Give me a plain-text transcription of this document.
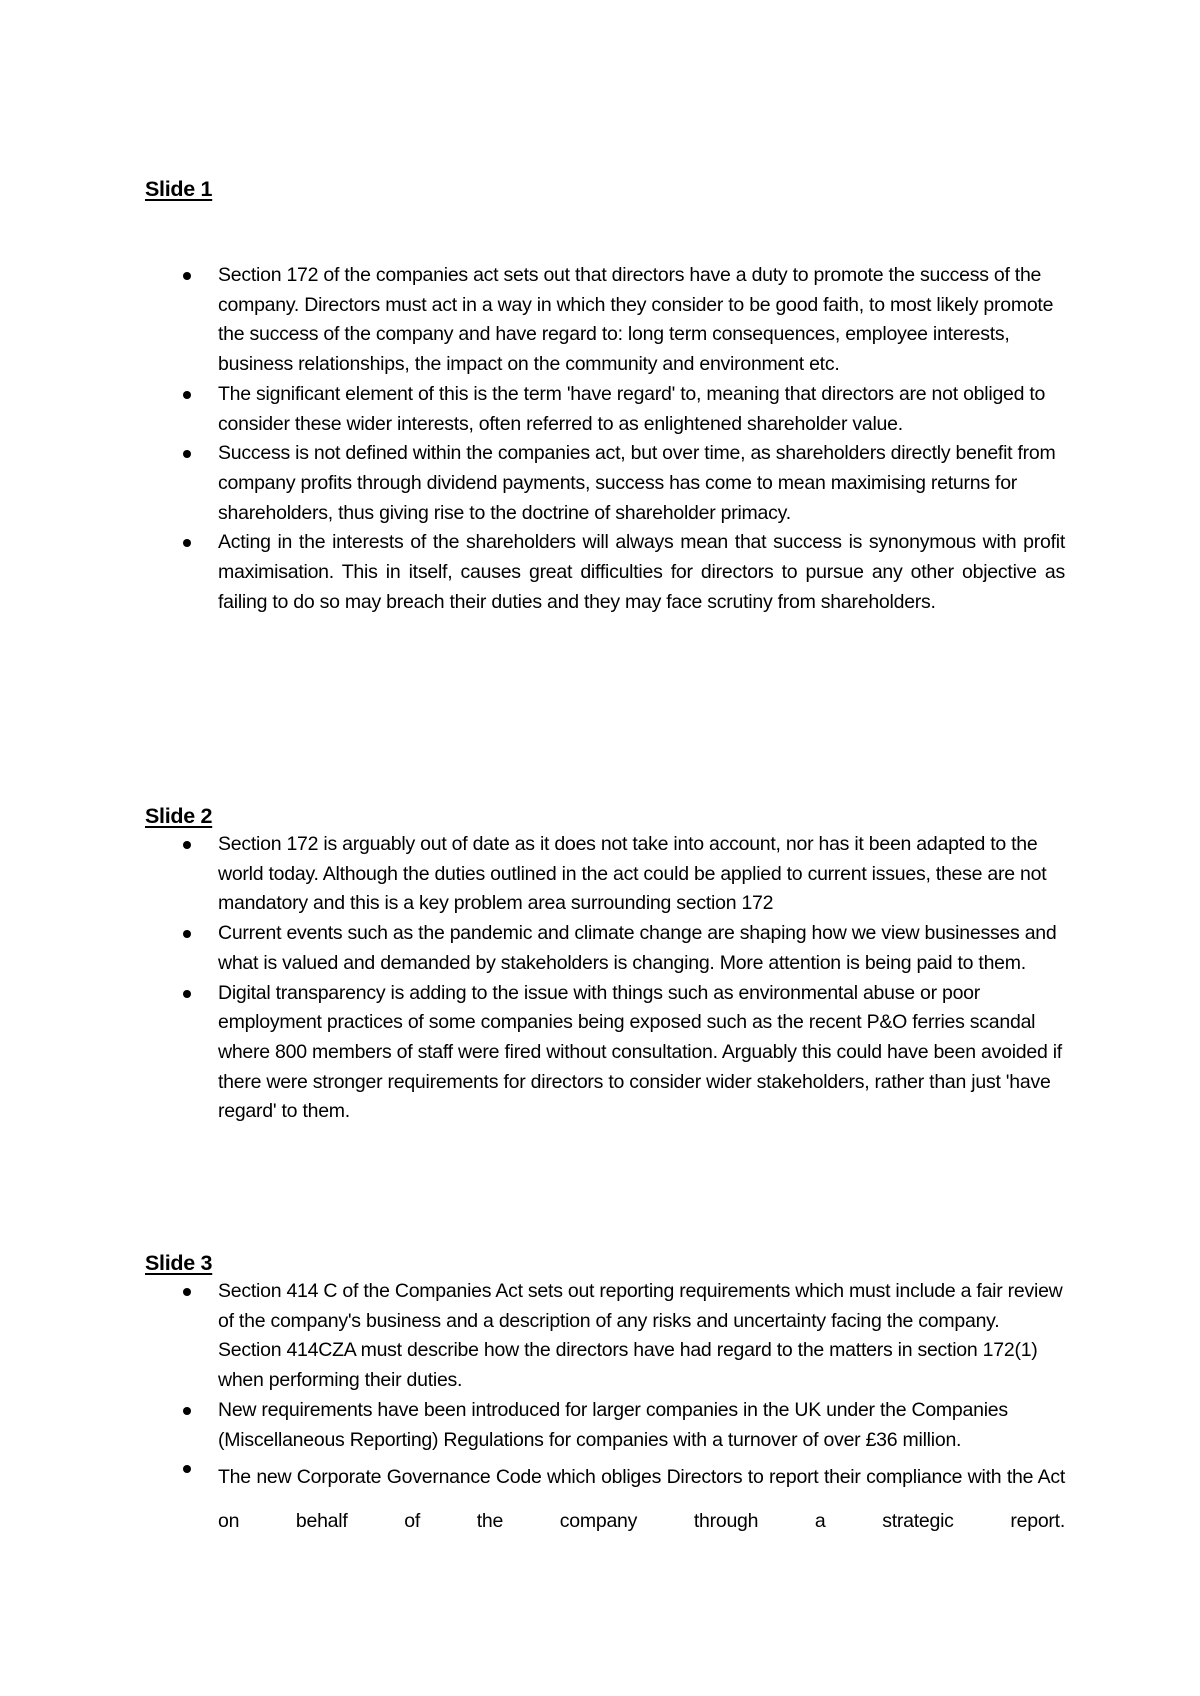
Slide 1
Section 172 of the companies act sets out that directors have a duty to promote the success of the company. Directors must act in a way in which they consider to be good faith, to most likely promote the success of the company and have regard to: long term consequences, employee interests, business relationships, the impact on the community and environment etc.
The significant element of this is the term 'have regard' to, meaning that directors are not obliged to consider these wider interests, often referred to as enlightened shareholder value.
Success is not defined within the companies act, but over time, as shareholders directly benefit from company profits through dividend payments, success has come to mean maximising returns for shareholders, thus giving rise to the doctrine of shareholder primacy.
Acting in the interests of the shareholders will always mean that success is synonymous with profit maximisation. This in itself, causes great difficulties for directors to pursue any other objective as failing to do so may breach their duties and they may face scrutiny from shareholders.
Slide 2
Section 172 is arguably out of date as it does not take into account, nor has it been adapted to the world today. Although the duties outlined in the act could be applied to current issues, these are not mandatory and this is a key problem area surrounding section 172
Current events such as the pandemic and climate change are shaping how we view businesses and what is valued and demanded by stakeholders is changing. More attention is being paid to them.
Digital transparency is adding to the issue with things such as environmental abuse or poor employment practices of some companies being exposed such as the recent P&O ferries scandal where 800 members of staff were fired without consultation. Arguably this could have been avoided if there were stronger requirements for directors to consider wider stakeholders, rather than just 'have regard' to them.
Slide 3
Section 414 C of the Companies Act sets out reporting requirements which must include a fair review of the company's business and a description of any risks and uncertainty facing the company. Section 414CZA must describe how the directors have had regard to the matters in section 172(1) when performing their duties.
New requirements have been introduced for larger companies in the UK under the Companies (Miscellaneous Reporting) Regulations for companies with a turnover of over £36 million.
The new Corporate Governance Code which obliges Directors to report their compliance with the Act on behalf of the company through a strategic report.
